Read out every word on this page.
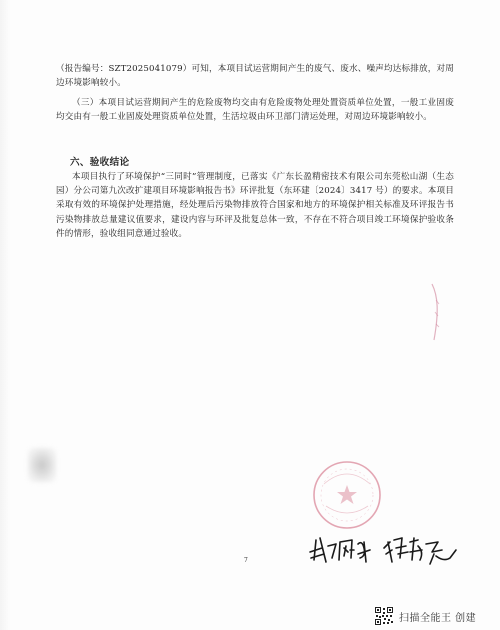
（报告编号：SZT2025041079）可知，本项目试运营期间产生的废气、废水、噪声均达标排放，对周边环境影响较小。

（三）本项目试运营期间产生的危险废物均交由有危险废物处理处置资质单位处置，一般工业固废均交由有一般工业固废处理资质单位处置，生活垃圾由环卫部门清运处理，对周边环境影响较小。

六、验收结论

本项目执行了环境保护“三同时”管理制度，已落实《广东长盈精密技术有限公司东莞松山湖（生态园）分公司第九次改扩建项目环境影响报告书》环评批复（东环建〔2024〕3417 号）的要求。本项目采取有效的环境保护处理措施，经处理后污染物排放符合国家和地方的环境保护相关标准及环评报告书污染物排放总量建议值要求，建设内容与环评及批复总体一致，不存在不符合项目竣工环境保护验收条件的情形，验收组同意通过验收。

7
扫描全能王 创建
